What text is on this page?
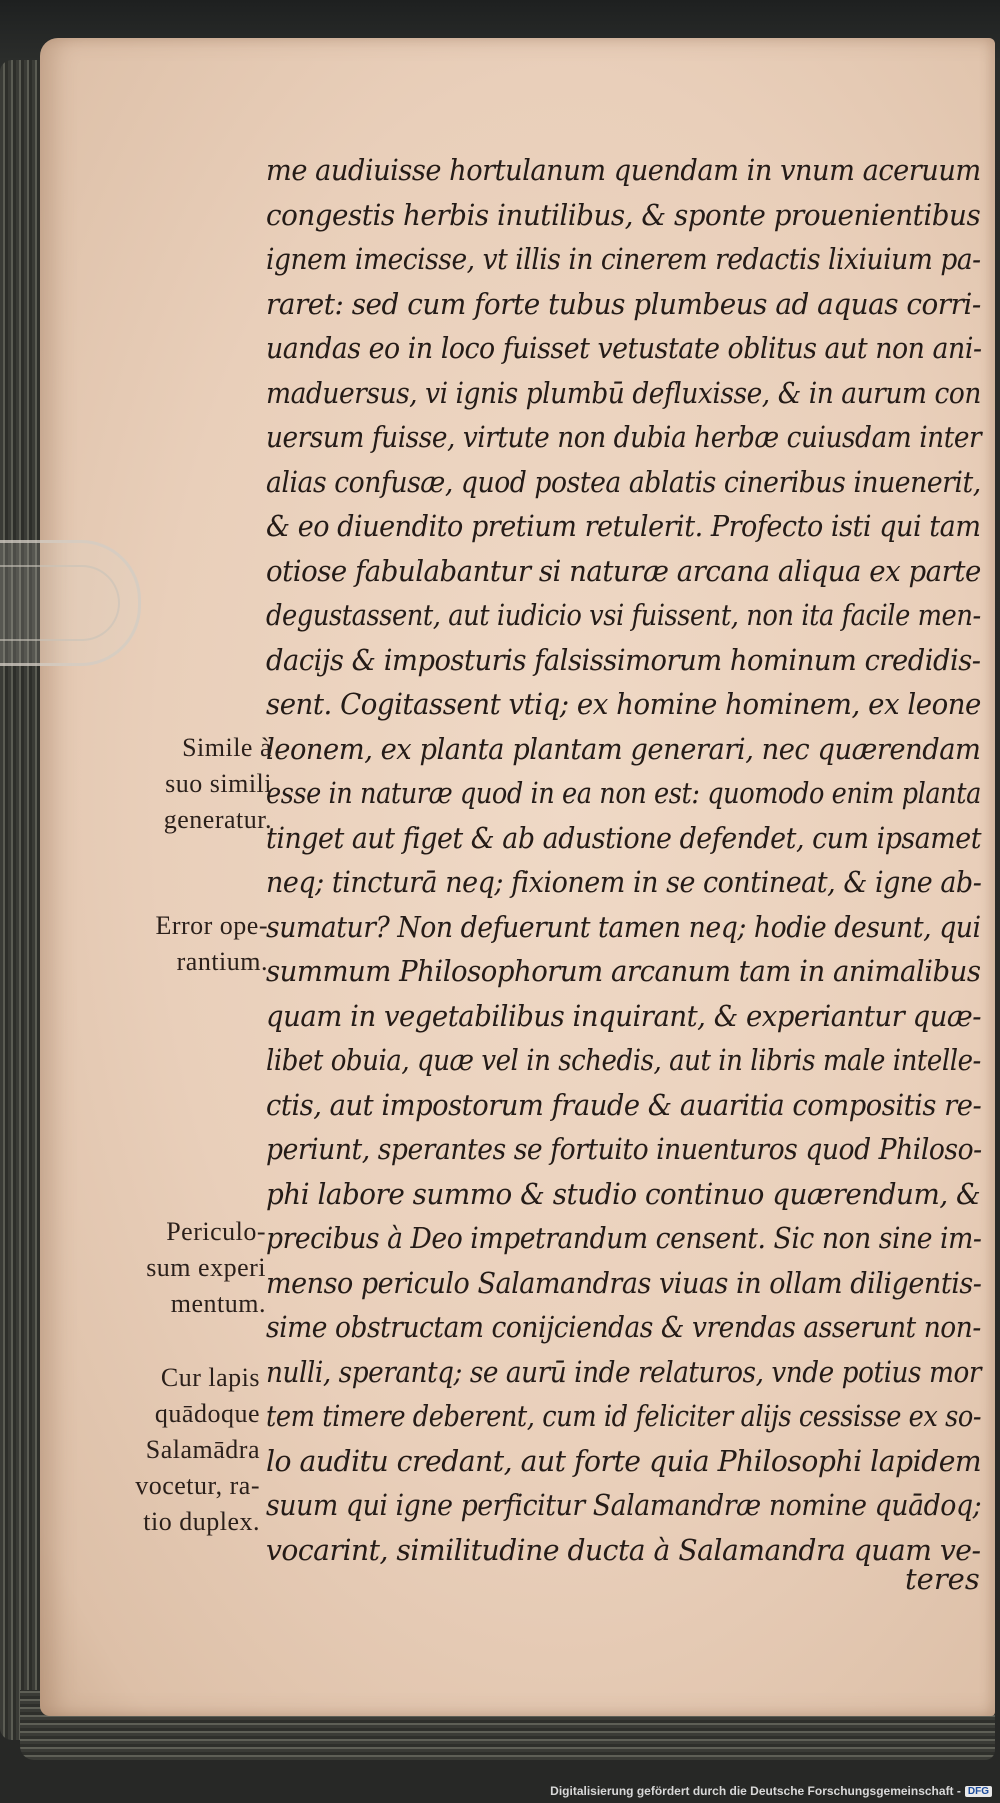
Simile à
suo simili
generatur.
Error ope-
rantium.
Periculo-
sum experi
mentum.
Cur lapis
quādoque
Salamādra
vocetur, ra-
tio duplex.
me audiuisse hortulanum quendam in vnum aceruum
congestis herbis inutilibus, & sponte prouenientibus
ignem imecisse, vt illis in cinerem redactis lixiuium pa-
raret: sed cum forte tubus plumbeus ad aquas corri-
uandas eo in loco fuisset vetustate oblitus aut non ani-
maduersus, vi ignis plumbū defluxisse, & in aurum con
uersum fuisse, virtute non dubia herbæ cuiusdam inter
alias confusæ, quod postea ablatis cineribus inuenerit,
& eo diuendito pretium retulerit. Profecto isti qui tam
otiose fabulabantur si naturæ arcana aliqua ex parte
degustassent, aut iudicio vsi fuissent, non ita facile men-
dacijs & imposturis falsissimorum hominum credidis-
sent. Cogitassent vtiq; ex homine hominem, ex leone
leonem, ex planta plantam generari, nec quærendam
esse in naturæ quod in ea non est: quomodo enim planta
tinget aut figet & ab adustione defendet, cum ipsamet
neq; tincturā neq; fixionem in se contineat, & igne ab-
sumatur? Non defuerunt tamen neq; hodie desunt, qui
summum Philosophorum arcanum tam in animalibus
quam in vegetabilibus inquirant, & experiantur quæ-
libet obuia, quæ vel in schedis, aut in libris male intelle-
ctis, aut impostorum fraude & auaritia compositis re-
periunt, sperantes se fortuito inuenturos quod Philoso-
phi labore summo & studio continuo quærendum, &
precibus à Deo impetrandum censent. Sic non sine im-
menso periculo Salamandras viuas in ollam diligentis-
sime obstructam conijciendas & vrendas asserunt non-
nulli, sperantq; se aurū inde relaturos, vnde potius mor
tem timere deberent, cum id feliciter alijs cessisse ex so-
lo auditu credant, aut forte quia Philosophi lapidem
suum qui igne perficitur Salamandræ nomine quādoq;
vocarint, similitudine ducta à Salamandra quam ve-
teres
Digitalisierung gefördert durch die Deutsche Forschungsgemeinschaft - DFG
